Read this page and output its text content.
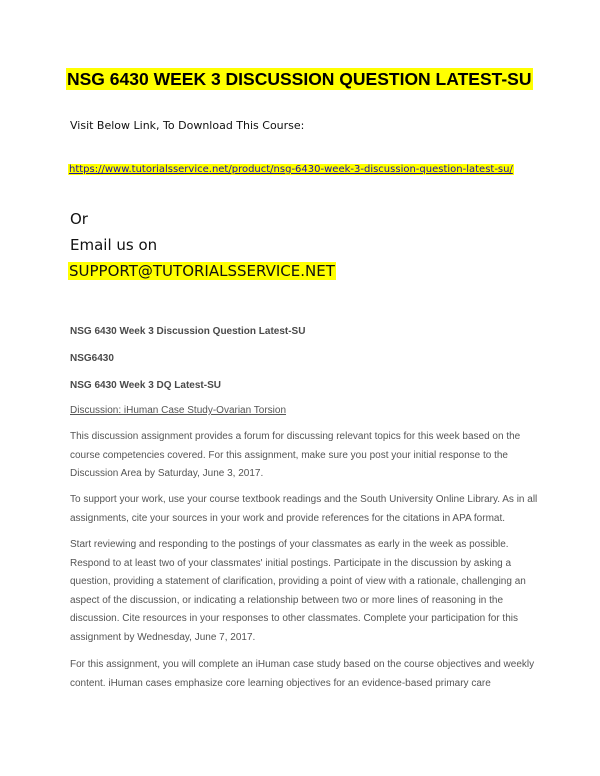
NSG 6430 WEEK 3 DISCUSSION QUESTION LATEST-SU
Visit Below Link, To Download This Course:
https://www.tutorialsservice.net/product/nsg-6430-week-3-discussion-question-latest-su/
Or
Email us on
SUPPORT@TUTORIALSSERVICE.NET
NSG 6430 Week 3 Discussion Question Latest-SU
NSG6430
NSG 6430 Week 3 DQ Latest-SU
Discussion: iHuman Case Study-Ovarian Torsion
This discussion assignment provides a forum for discussing relevant topics for this week based on the course competencies covered. For this assignment, make sure you post your initial response to the Discussion Area by Saturday, June 3, 2017.
To support your work, use your course textbook readings and the South University Online Library. As in all assignments, cite your sources in your work and provide references for the citations in APA format.
Start reviewing and responding to the postings of your classmates as early in the week as possible. Respond to at least two of your classmates' initial postings. Participate in the discussion by asking a question, providing a statement of clarification, providing a point of view with a rationale, challenging an aspect of the discussion, or indicating a relationship between two or more lines of reasoning in the discussion. Cite resources in your responses to other classmates. Complete your participation for this assignment by Wednesday, June 7, 2017.
For this assignment, you will complete an iHuman case study based on the course objectives and weekly content. iHuman cases emphasize core learning objectives for an evidence-based primary care
